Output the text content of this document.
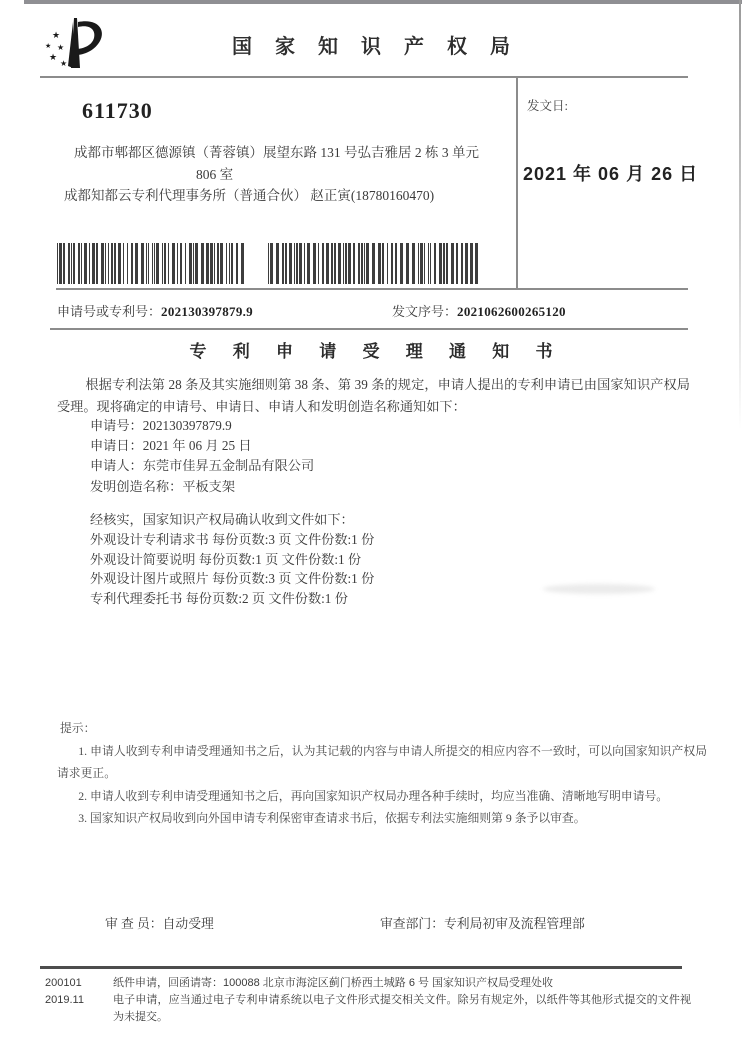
★
★ ★
★
★
国 家 知 识 产 权 局
611730
成都市郫都区德源镇（菁蓉镇）展望东路 131 号弘吉雅居 2 栋 3 单元
806 室
成都知都云专利代理事务所（普通合伙） 赵正寅(18780160470)
发文日:
2021 年 06 月 26 日
申请号或专利号：202130397879.9	发文序号：2021062600265120
专 利 申 请 受 理 通 知 书
根据专利法第 28 条及其实施细则第 38 条、第 39 条的规定，申请人提出的专利申请已由国家知识产权局受理。现将确定的申请号、申请日、申请人和发明创造名称通知如下：
申请号：202130397879.9
申请日：2021 年 06 月 25 日
申请人：东莞市佳昇五金制品有限公司
发明创造名称：平板支架
经核实，国家知识产权局确认收到文件如下：
外观设计专利请求书 每份页数:3 页 文件份数:1 份
外观设计简要说明 每份页数:1 页 文件份数:1 份
外观设计图片或照片 每份页数:3 页 文件份数:1 份
专利代理委托书 每份页数:2 页 文件份数:1 份
提示：

1. 申请人收到专利申请受理通知书之后，认为其记载的内容与申请人所提交的相应内容不一致时，可以向国家知识产权局请求更正。

2. 申请人收到专利申请受理通知书之后，再向国家知识产权局办理各种手续时，均应当准确、清晰地写明申请号。

3. 国家知识产权局收到向外国申请专利保密审查请求书后，依据专利法实施细则第 9 条予以审查。

审 查 员：自动受理	审查部门：专利局初审及流程管理部
200101	纸件申请，回函请寄：100088 北京市海淀区蓟门桥西土城路 6 号 国家知识产权局受理处收
2019.11	电子申请，应当通过电子专利申请系统以电子文件形式提交相关文件。除另有规定外，以纸件等其他形式提交的文件视为未提交。
